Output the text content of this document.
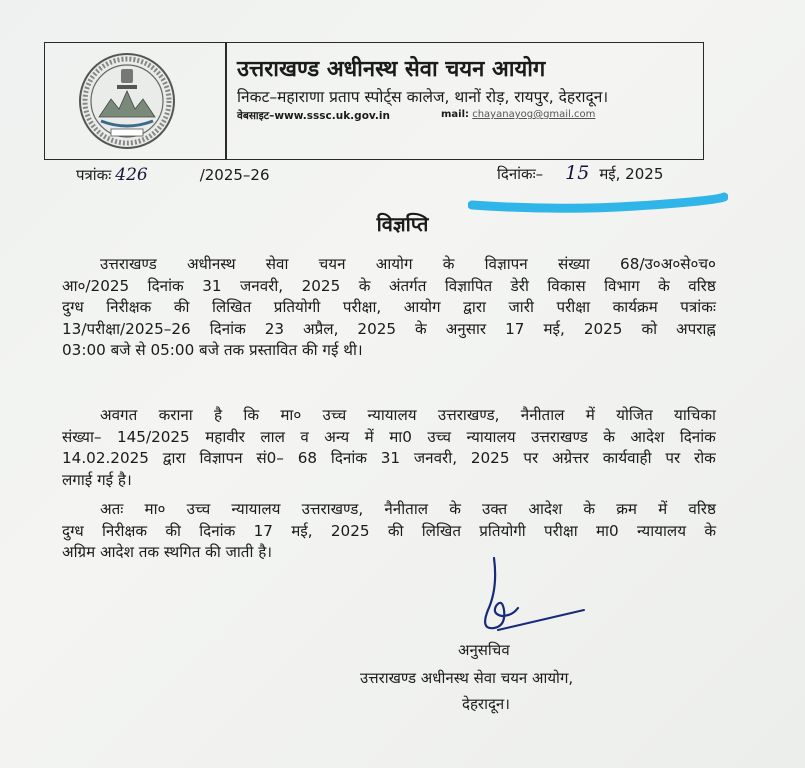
उत्तराखण्ड अधीनस्थ सेवा चयन आयोग
निकट–महाराणा प्रताप स्पोर्ट्स कालेज, थानों रोड़, रायपुर, देहरादून।
वेबसाइट–www.sssc.uk.gov.in	mail: chayanayog@gmail.com
पत्रांकः 426	/2025–26	दिनांकः– 15 मई, 2025
विज्ञप्ति
उत्तराखण्ड अधीनस्थ सेवा चयन आयोग के विज्ञापन संख्या 68/उ०अ०से०च०
आ०/2025 दिनांक 31 जनवरी, 2025 के अंतर्गत विज्ञापित डेरी विकास विभाग के वरिष्ठ
दुग्ध निरीक्षक की लिखित प्रतियोगी परीक्षा, आयोग द्वारा जारी परीक्षा कार्यक्रम पत्रांकः
13/परीक्षा/2025–26 दिनांक 23 अप्रैल, 2025 के अनुसार 17 मई, 2025 को अपराह्न
03:00 बजे से 05:00 बजे तक प्रस्तावित की गई थी।
अवगत कराना है कि मा० उच्च न्यायालय उत्तराखण्ड, नैनीताल में योजित याचिका
संख्या– 145/2025 महावीर लाल व अन्य में मा0 उच्च न्यायालय उत्तराखण्ड के आदेश दिनांक
14.02.2025 द्वारा विज्ञापन सं0– 68 दिनांक 31 जनवरी, 2025 पर अग्रेत्तर कार्यवाही पर रोक
लगाई गई है।
अतः मा० उच्च न्यायालय उत्तराखण्ड, नैनीताल के उक्त आदेश के क्रम में वरिष्ठ
दुग्ध निरीक्षक की दिनांक 17 मई, 2025 की लिखित प्रतियोगी परीक्षा मा0 न्यायालय के
अग्रिम आदेश तक स्थगित की जाती है।
अनुसचिव
उत्तराखण्ड अधीनस्थ सेवा चयन आयोग,
देहरादून।
